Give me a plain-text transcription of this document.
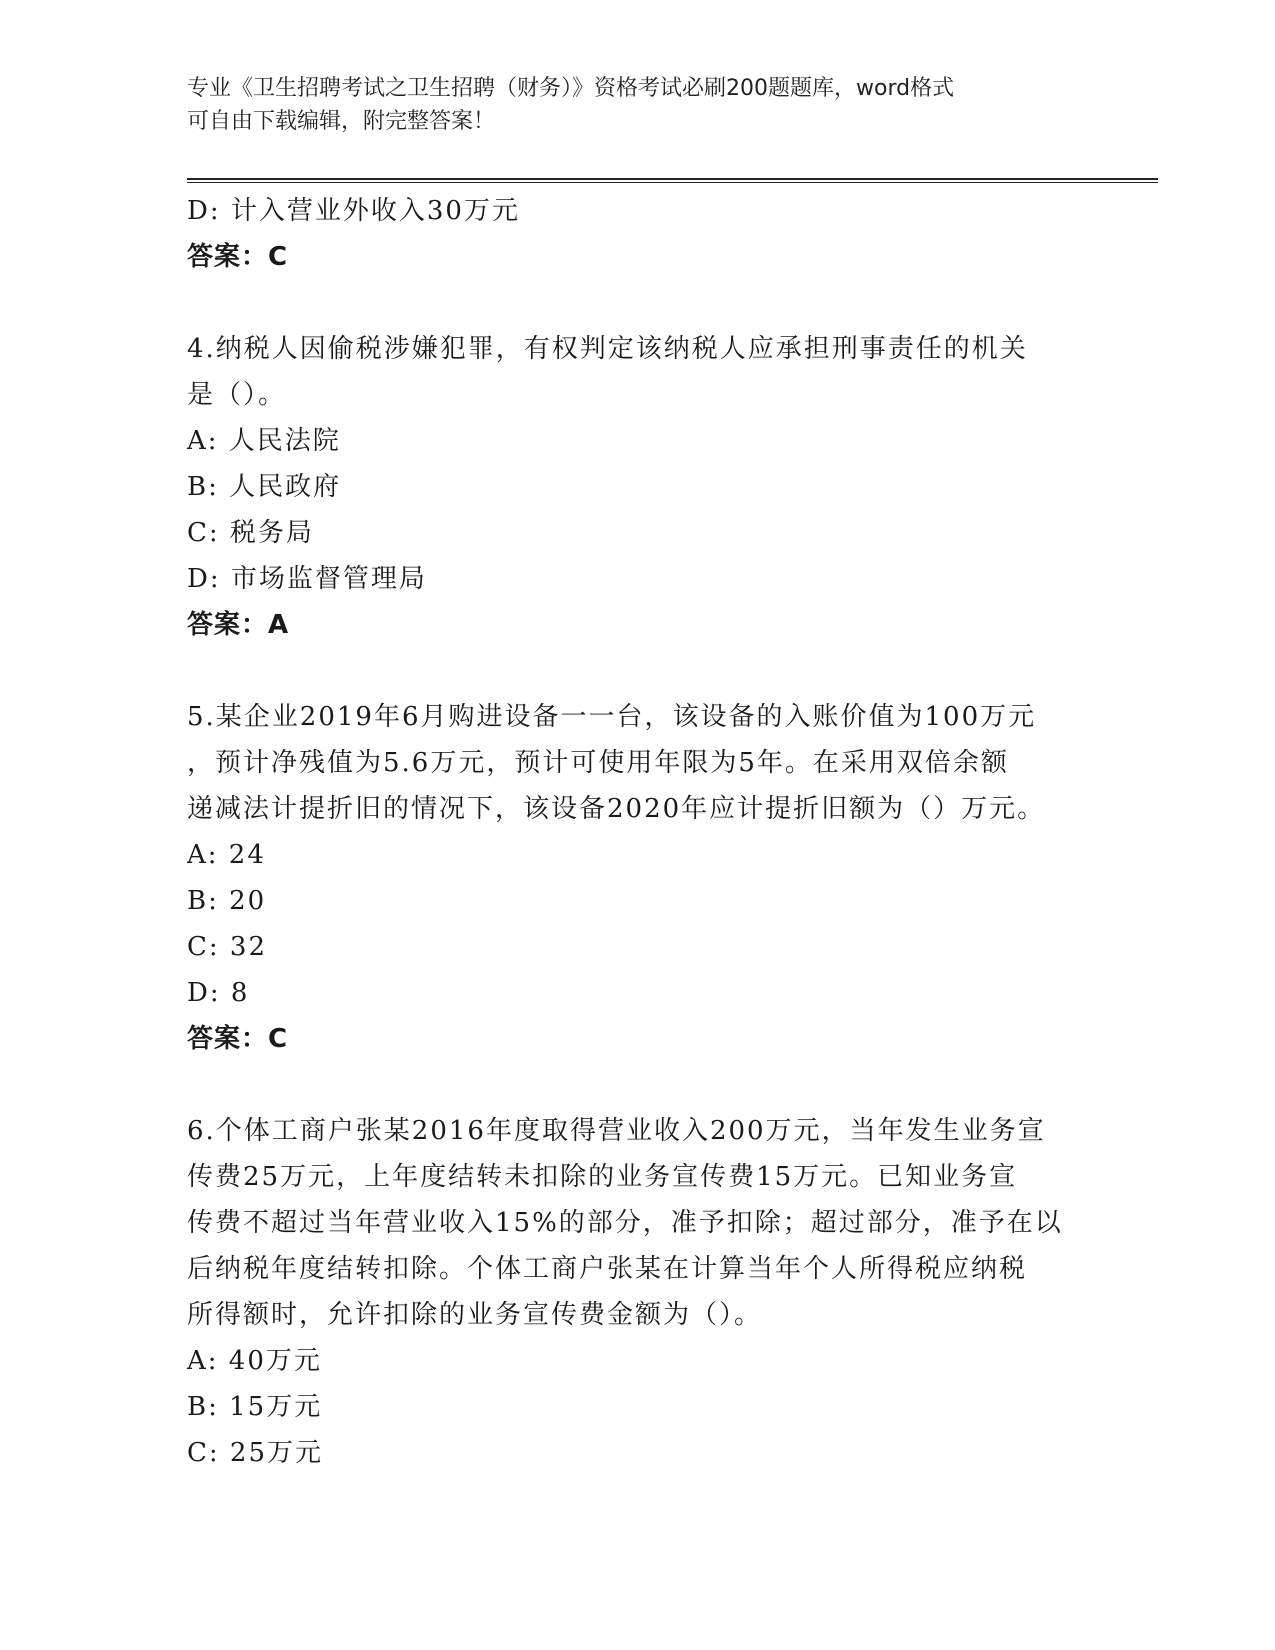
专业《卫生招聘考试之卫生招聘（财务）》资格考试必刷200题题库，word格式
可自由下载编辑，附完整答案！
D: 计入营业外收入30万元
答案：C
4.纳税人因偷税涉嫌犯罪，有权判定该纳税人应承担刑事责任的机关
是（）。
A: 人民法院
B: 人民政府
C: 税务局
D: 市场监督管理局
答案：A
5.某企业2019年6月购进设备一一台，该设备的入账价值为100万元
，预计净残值为5.6万元，预计可使用年限为5年。在采用双倍余额
递减法计提折旧的情况下，该设备2020年应计提折旧额为（）万元。
A: 24
B: 20
C: 32
D: 8
答案：C
6.个体工商户张某2016年度取得营业收入200万元，当年发生业务宣
传费25万元，上年度结转未扣除的业务宣传费15万元。已知业务宣
传费不超过当年营业收入15%的部分，准予扣除；超过部分，准予在以
后纳税年度结转扣除。个体工商户张某在计算当年个人所得税应纳税
所得额时，允许扣除的业务宣传费金额为（）。
A: 40万元
B: 15万元
C: 25万元
